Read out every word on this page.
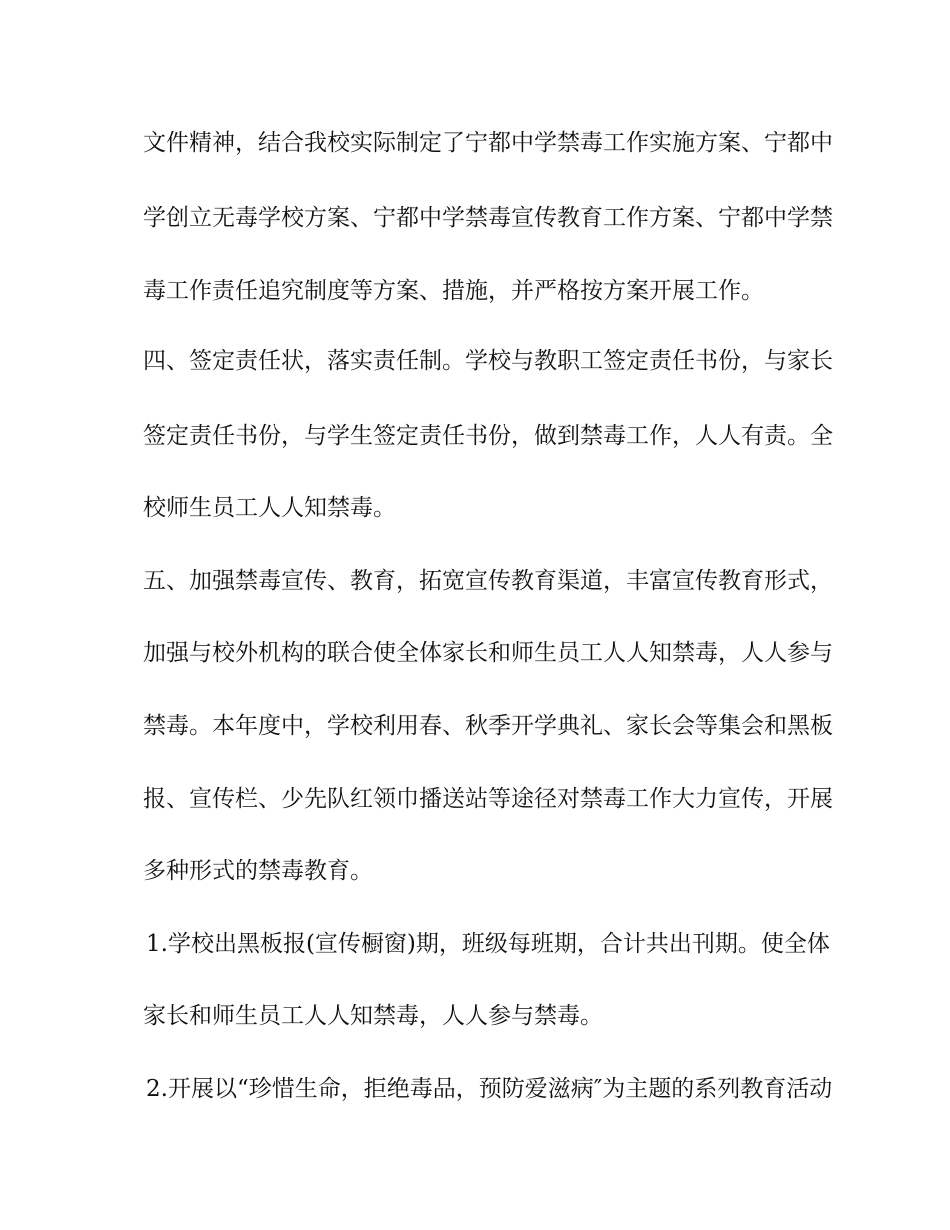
文件精神，结合我校实际制定了宁都中学禁毒工作实施方案、宁都中
学创立无毒学校方案、宁都中学禁毒宣传教育工作方案、宁都中学禁
毒工作责任追究制度等方案、措施，并严格按方案开展工作。
四、签定责任状，落实责任制。学校与教职工签定责任书份，与家长
签定责任书份，与学生签定责任书份，做到禁毒工作，人人有责。全
校师生员工人人知禁毒。
五、加强禁毒宣传、教育，拓宽宣传教育渠道，丰富宣传教育形式，
加强与校外机构的联合使全体家长和师生员工人人知禁毒，人人参与
禁毒。本年度中，学校利用春、秋季开学典礼、家长会等集会和黑板
报、宣传栏、少先队红领巾播送站等途径对禁毒工作大力宣传，开展
多种形式的禁毒教育。
1.学校出黑板报(宣传橱窗)期，班级每班期，合计共出刊期。使全体
家长和师生员工人人知禁毒，人人参与禁毒。
2.开展以“珍惜生命，拒绝毒品，预防爱滋病″为主题的系列教育活动
